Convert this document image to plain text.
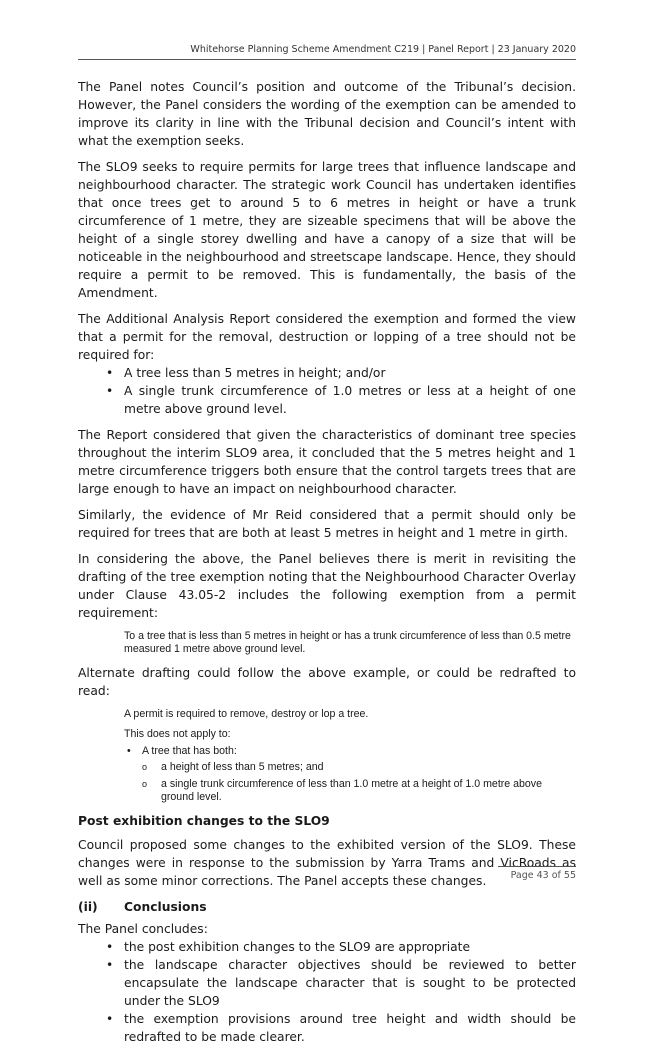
Whitehorse Planning Scheme Amendment C219 | Panel Report | 23 January 2020

The Panel notes Council’s position and outcome of the Tribunal’s decision. However, the Panel considers the wording of the exemption can be amended to improve its clarity in line with the Tribunal decision and Council’s intent with what the exemption seeks.

The SLO9 seeks to require permits for large trees that influence landscape and neighbourhood character. The strategic work Council has undertaken identifies that once trees get to around 5 to 6 metres in height or have a trunk circumference of 1 metre, they are sizeable specimens that will be above the height of a single storey dwelling and have a canopy of a size that will be noticeable in the neighbourhood and streetscape landscape. Hence, they should require a permit to be removed. This is fundamentally, the basis of the Amendment.

The Additional Analysis Report considered the exemption and formed the view that a permit for the removal, destruction or lopping of a tree should not be required for:

• A tree less than 5 metres in height; and/or
• A single trunk circumference of 1.0 metres or less at a height of one metre above ground level.

The Report considered that given the characteristics of dominant tree species throughout the interim SLO9 area, it concluded that the 5 metres height and 1 metre circumference triggers both ensure that the control targets trees that are large enough to have an impact on neighbourhood character.

Similarly, the evidence of Mr Reid considered that a permit should only be required for trees that are both at least 5 metres in height and 1 metre in girth.

In considering the above, the Panel believes there is merit in revisiting the drafting of the tree exemption noting that the Neighbourhood Character Overlay under Clause 43.05-2 includes the following exemption from a permit requirement:

To a tree that is less than 5 metres in height or has a trunk circumference of less than 0.5 metre measured 1 metre above ground level.

Alternate drafting could follow the above example, or could be redrafted to read:

A permit is required to remove, destroy or lop a tree.

This does not apply to:

• A tree that has both:
o a height of less than 5 metres; and
o a single trunk circumference of less than 1.0 metre at a height of 1.0 metre above ground level.
Post exhibition changes to the SLO9

Council proposed some changes to the exhibited version of the SLO9. These changes were in response to the submission by Yarra Trams and VicRoads as well as some minor corrections. The Panel accepts these changes.

(ii)	Conclusions

The Panel concludes:

• the post exhibition changes to the SLO9 are appropriate
• the landscape character objectives should be reviewed to better encapsulate the landscape character that is sought to be protected under the SLO9
• the exemption provisions around tree height and width should be redrafted to be made clearer.
Page 43 of 55
